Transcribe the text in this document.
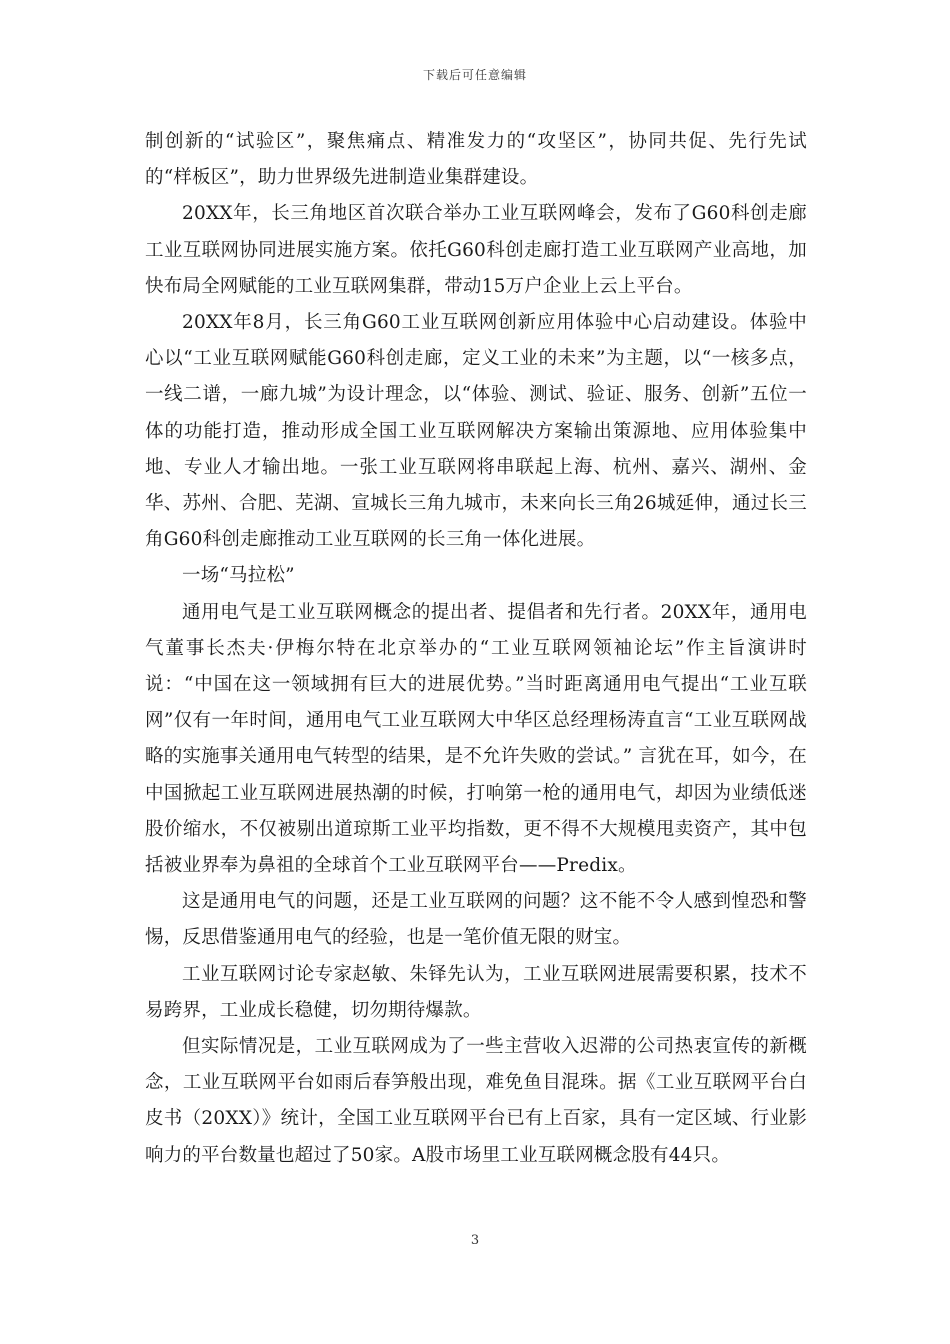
下载后可任意编辑

制创新的“试验区”，聚焦痛点、精准发力的“攻坚区”，协同共促、先行先试的“样板区”，助力世界级先进制造业集群建设。

20XX年，长三角地区首次联合举办工业互联网峰会，发布了G60科创走廊工业互联网协同进展实施方案。依托G60科创走廊打造工业互联网产业高地，加快布局全网赋能的工业互联网集群，带动15万户企业上云上平台。

20XX年8月，长三角G60工业互联网创新应用体验中心启动建设。体验中心以“工业互联网赋能G60科创走廊，定义工业的未来”为主题，以“一核多点，一线二谱，一廊九城”为设计理念，以“体验、测试、验证、服务、创新”五位一体的功能打造，推动形成全国工业互联网解决方案输出策源地、应用体验集中地、专业人才输出地。一张工业互联网将串联起上海、杭州、嘉兴、湖州、金华、苏州、合肥、芜湖、宣城长三角九城市，未来向长三角26城延伸，通过长三角G60科创走廊推动工业互联网的长三角一体化进展。

一场“马拉松”

通用电气是工业互联网概念的提出者、提倡者和先行者。20XX年，通用电气董事长杰夫·伊梅尔特在北京举办的“工业互联网领袖论坛”作主旨演讲时说：“中国在这一领域拥有巨大的进展优势。”当时距离通用电气提出“工业互联网”仅有一年时间，通用电气工业互联网大中华区总经理杨涛直言“工业互联网战略的实施事关通用电气转型的结果，是不允许失败的尝试。” 言犹在耳，如今，在中国掀起工业互联网进展热潮的时候，打响第一枪的通用电气，却因为业绩低迷股价缩水，不仅被剔出道琼斯工业平均指数，更不得不大规模甩卖资产，其中包括被业界奉为鼻祖的全球首个工业互联网平台——Predix。

这是通用电气的问题，还是工业互联网的问题？这不能不令人感到惶恐和警惕，反思借鉴通用电气的经验，也是一笔价值无限的财宝。

工业互联网讨论专家赵敏、朱铎先认为，工业互联网进展需要积累，技术不易跨界，工业成长稳健，切勿期待爆款。

但实际情况是，工业互联网成为了一些主营收入迟滞的公司热衷宣传的新概念，工业互联网平台如雨后春笋般出现，难免鱼目混珠。据《工业互联网平台白皮书（20XX）》统计，全国工业互联网平台已有上百家，具有一定区域、行业影响力的平台数量也超过了50家。A股市场里工业互联网概念股有44只。

3
